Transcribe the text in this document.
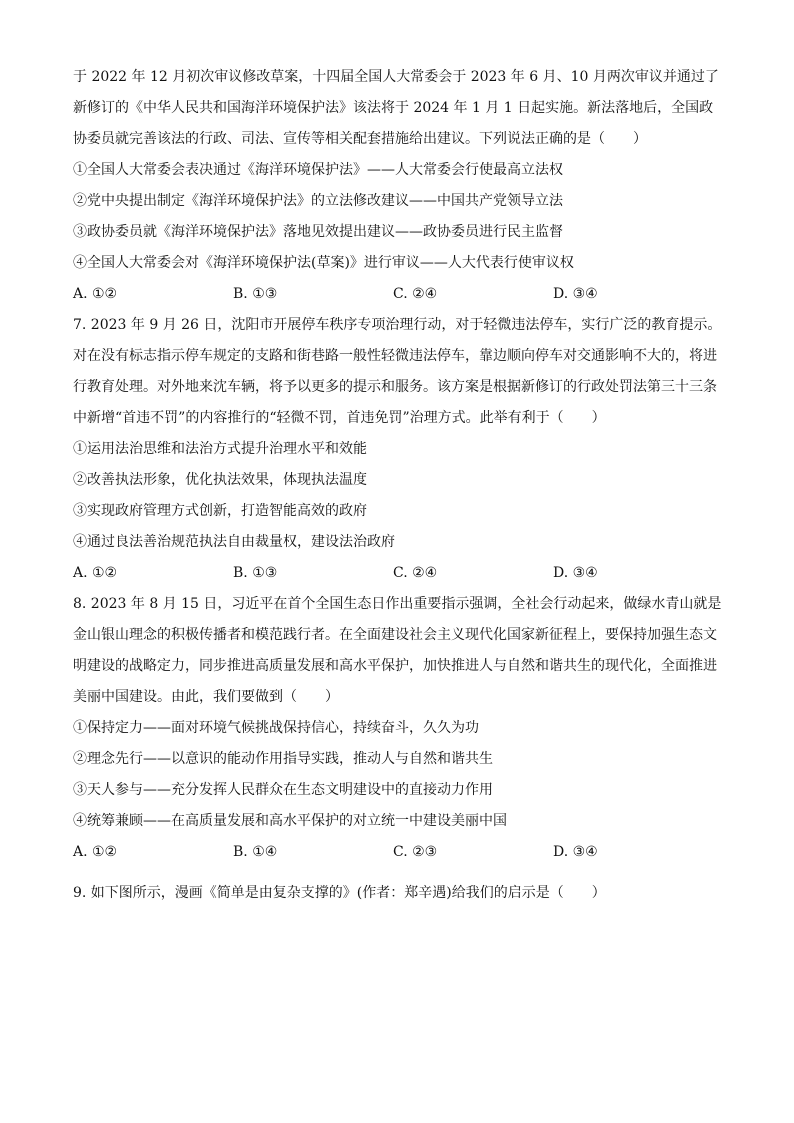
于 2022 年 12 月初次审议修改草案，十四届全国人大常委会于 2023 年 6 月、10 月两次审议并通过了新修订的《中华人民共和国海洋环境保护法》该法将于 2024 年 1 月 1 日起实施。新法落地后，全国政协委员就完善该法的行政、司法、宣传等相关配套措施给出建议。下列说法正确的是（　　）

①全国人大常委会表决通过《海洋环境保护法》——人大常委会行使最高立法权

②党中央提出制定《海洋环境保护法》的立法修改建议——中国共产党领导立法

③政协委员就《海洋环境保护法》落地见效提出建议——政协委员进行民主监督

④全国人大常委会对《海洋环境保护法(草案)》进行审议——人大代表行使审议权

A. ①②	B. ①③	C. ②④	D. ③④

7. 2023 年 9 月 26 日，沈阳市开展停车秩序专项治理行动，对于轻微违法停车，实行广泛的教育提示。对在没有标志指示停车规定的支路和街巷路一般性轻微违法停车，靠边顺向停车对交通影响不大的，将进行教育处理。对外地来沈车辆，将予以更多的提示和服务。该方案是根据新修订的行政处罚法第三十三条中新增“首违不罚”的内容推行的“轻微不罚，首违免罚”治理方式。此举有利于（　　）

①运用法治思维和法治方式提升治理水平和效能

②改善执法形象，优化执法效果，体现执法温度

③实现政府管理方式创新，打造智能高效的政府

④通过良法善治规范执法自由裁量权，建设法治政府

A. ①②	B. ①③	C. ②④	D. ③④

8. 2023 年 8 月 15 日，习近平在首个全国生态日作出重要指示强调，全社会行动起来，做绿水青山就是金山银山理念的积极传播者和模范践行者。在全面建设社会主义现代化国家新征程上，要保持加强生态文明建设的战略定力，同步推进高质量发展和高水平保护，加快推进人与自然和谐共生的现代化，全面推进美丽中国建设。由此，我们要做到（　　）

①保持定力——面对环境气候挑战保持信心，持续奋斗，久久为功

②理念先行——以意识的能动作用指导实践，推动人与自然和谐共生

③天人参与——充分发挥人民群众在生态文明建设中的直接动力作用

④统筹兼顾——在高质量发展和高水平保护的对立统一中建设美丽中国

A. ①②	B. ①④	C. ②③	D. ③④

9. 如下图所示，漫画《简单是由复杂支撑的》(作者：郑辛遇)给我们的启示是（　　）
